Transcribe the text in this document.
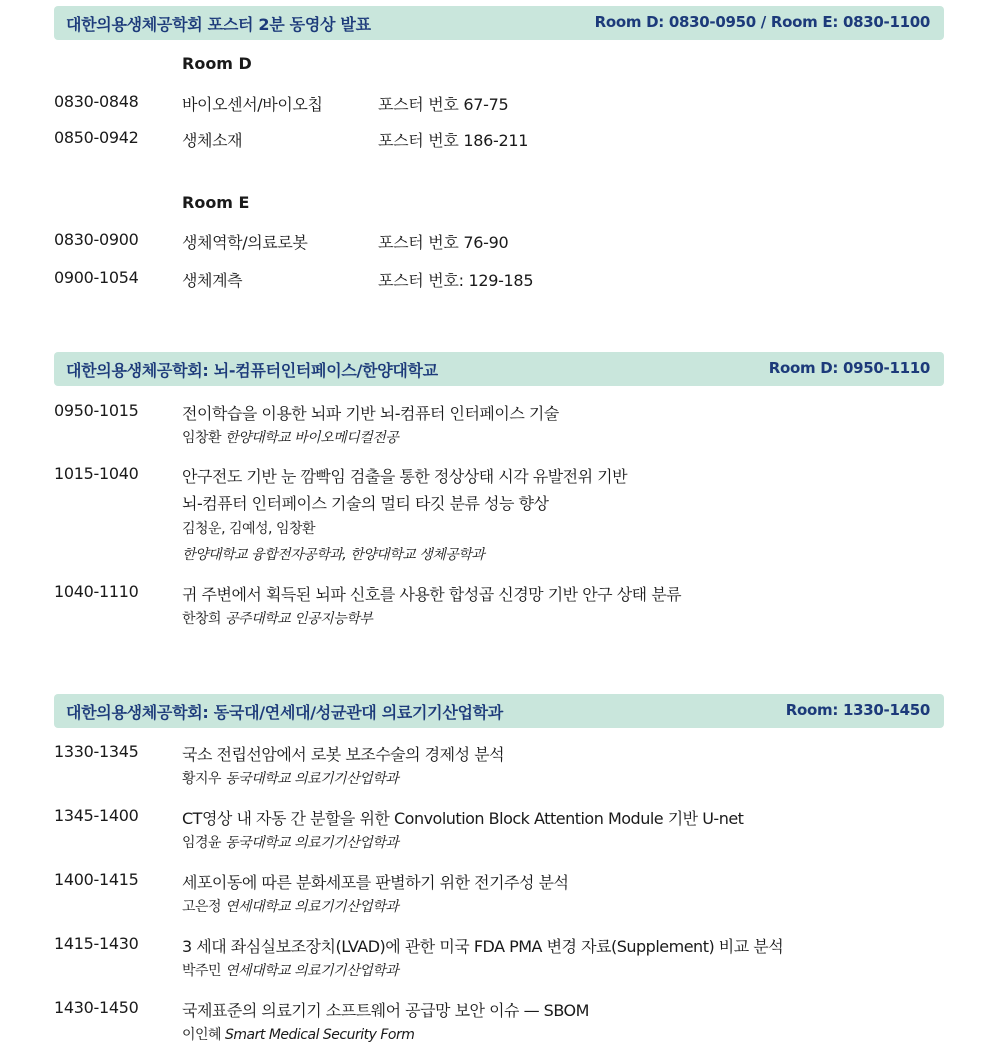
대한의용생체공학회 포스터 2분 동영상 발표	Room D: 0830-0950 / Room E: 0830-1100
Room D
0830-0848	바이오센서/바이오칩	포스터 번호 67-75
0850-0942	생체소재	포스터 번호 186-211
Room E
0830-0900	생체역학/의료로봇	포스터 번호 76-90
0900-1054	생체계측	포스터 번호: 129-185
대한의용생체공학회: 뇌-컴퓨터인터페이스/한양대학교	Room D: 0950-1110
0950-1015	전이학습을 이용한 뇌파 기반 뇌-컴퓨터 인터페이스 기술
임창환 한양대학교 바이오메디컬전공
1015-1040	안구전도 기반 눈 깜빡임 검출을 통한 정상상태 시각 유발전위 기반
뇌-컴퓨터 인터페이스 기술의 멀티 타깃 분류 성능 향상
김청운, 김예성, 임창환
한양대학교 융합전자공학과, 한양대학교 생체공학과
1040-1110	귀 주변에서 획득된 뇌파 신호를 사용한 합성곱 신경망 기반 안구 상태 분류
한창희 공주대학교 인공지능학부
대한의용생체공학회: 동국대/연세대/성균관대 의료기기산업학과	Room: 1330-1450
1330-1345	국소 전립선암에서 로봇 보조수술의 경제성 분석
황지우 동국대학교 의료기기산업학과
1345-1400	CT영상 내 자동 간 분할을 위한 Convolution Block Attention Module 기반 U-net
임경윤 동국대학교 의료기기산업학과
1400-1415	세포이동에 따른 분화세포를 판별하기 위한 전기주성 분석
고은정 연세대학교 의료기기산업학과
1415-1430	3 세대 좌심실보조장치(LVAD)에 관한 미국 FDA PMA 변경 자료(Supplement) 비교 분석
박주민 연세대학교 의료기기산업학과
1430-1450	국제표준의 의료기기 소프트웨어 공급망 보안 이슈 — SBOM
이인혜 Smart Medical Security Form
